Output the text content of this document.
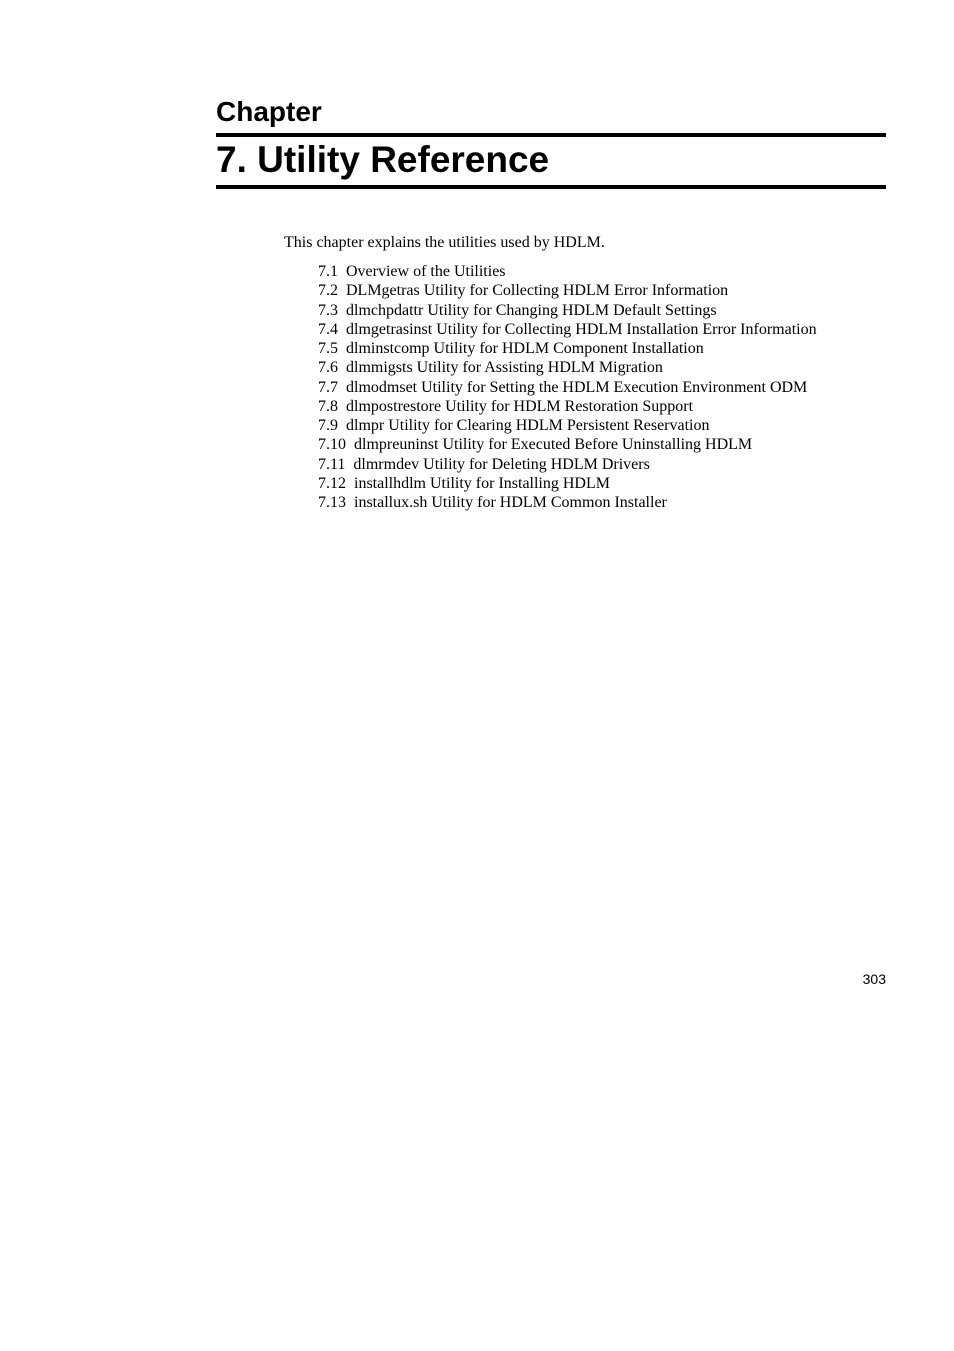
Chapter
7. Utility Reference

This chapter explains the utilities used by HDLM.

7.1 Overview of the Utilities
7.2 DLMgetras Utility for Collecting HDLM Error Information
7.3 dlmchpdattr Utility for Changing HDLM Default Settings
7.4 dlmgetrasinst Utility for Collecting HDLM Installation Error Information
7.5 dlminstcomp Utility for HDLM Component Installation
7.6 dlmmigsts Utility for Assisting HDLM Migration
7.7 dlmodmset Utility for Setting the HDLM Execution Environment ODM
7.8 dlmpostrestore Utility for HDLM Restoration Support
7.9 dlmpr Utility for Clearing HDLM Persistent Reservation
7.10 dlmpreuninst Utility for Executed Before Uninstalling HDLM
7.11 dlmrmdev Utility for Deleting HDLM Drivers
7.12 installhdlm Utility for Installing HDLM
7.13 installux.sh Utility for HDLM Common Installer
303
